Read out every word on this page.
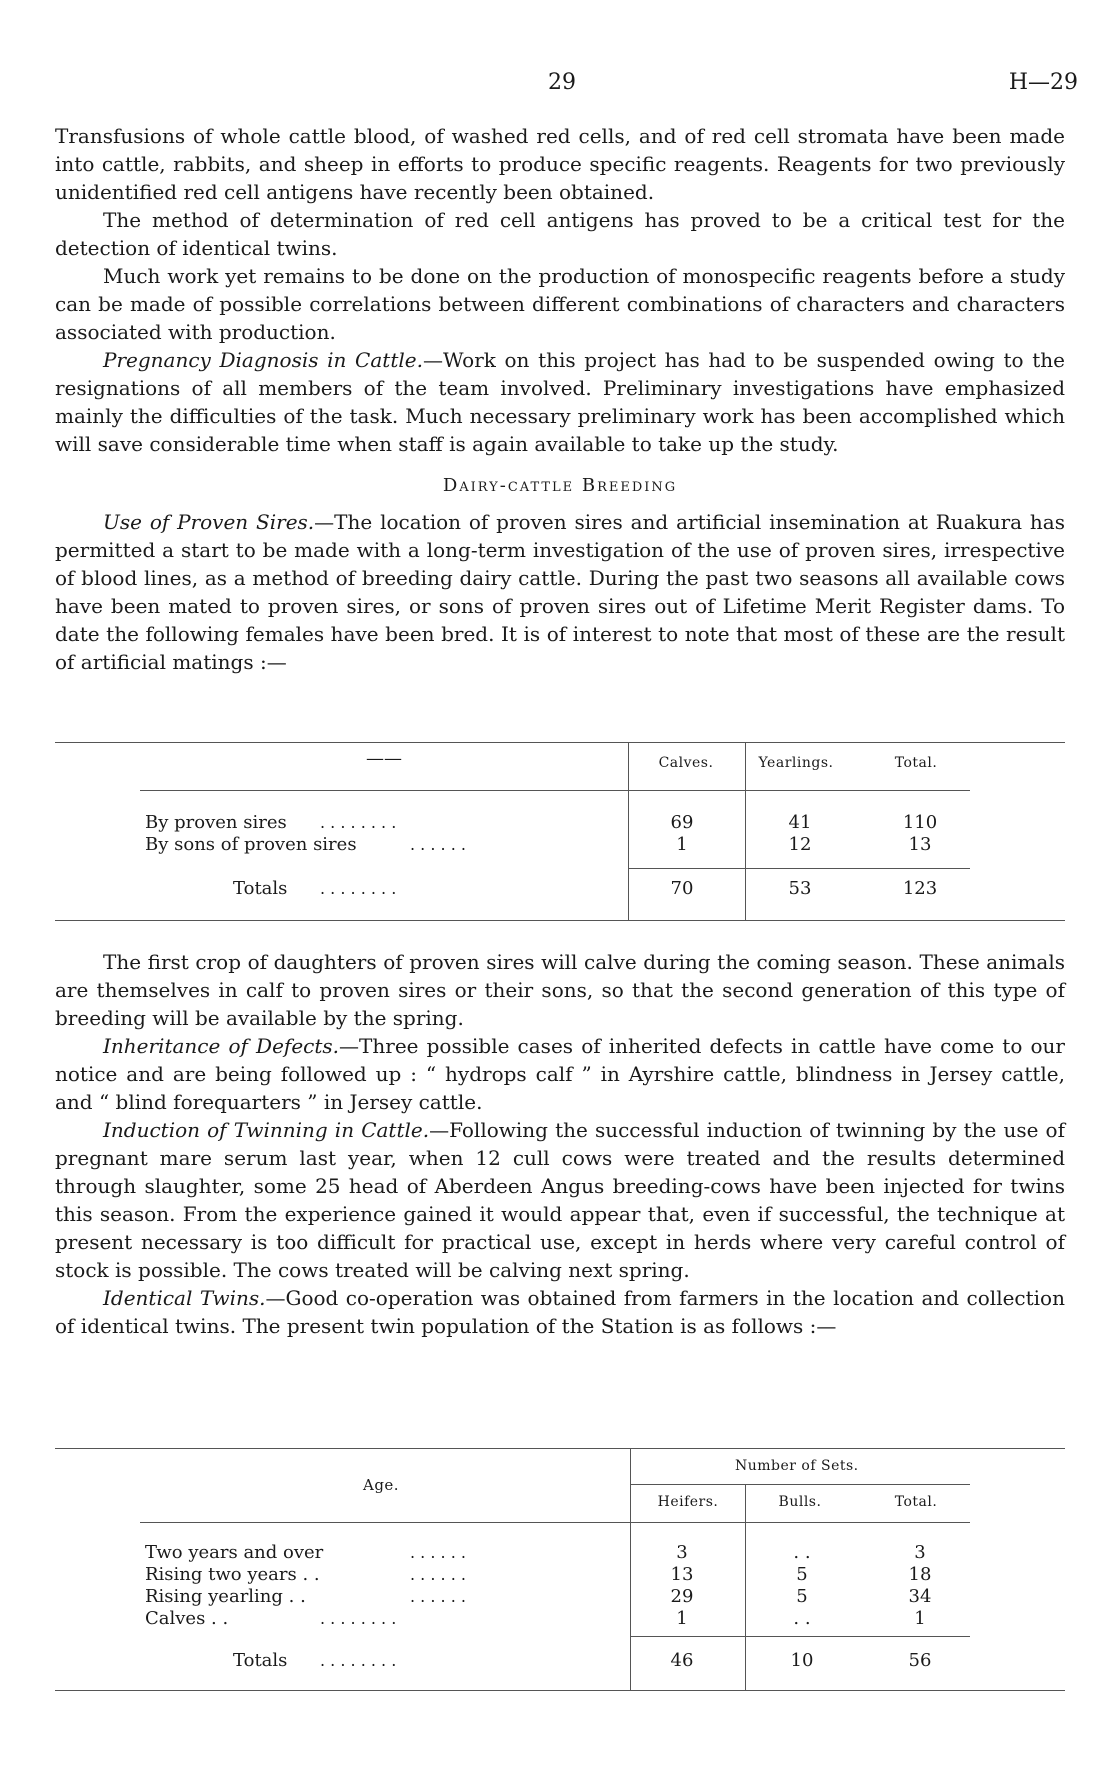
29	H—29

Transfusions of whole cattle blood, of washed red cells, and of red cell stromata have been made into cattle, rabbits, and sheep in efforts to produce specific reagents. Reagents for two previously unidentified red cell antigens have recently been obtained.

The method of determination of red cell antigens has proved to be a critical test for the detection of identical twins.

Much work yet remains to be done on the production of monospecific reagents before a study can be made of possible correlations between different combinations of characters and characters associated with production.

Pregnancy Diagnosis in Cattle.—Work on this project has had to be suspended owing to the resignations of all members of the team involved. Preliminary investigations have emphasized mainly the difficulties of the task. Much necessary preliminary work has been accomplished which will save considerable time when staff is again available to take up the study.

Dairy-cattle Breeding

Use of Proven Sires.—The location of proven sires and artificial insemination at Ruakura has permitted a start to be made with a long-term investigation of the use of proven sires, irrespective of blood lines, as a method of breeding dairy cattle. During the past two seasons all available cows have been mated to proven sires, or sons of proven sires out of Lifetime Merit Register dams. To date the following females have been bred. It is of interest to note that most of these are the result of artificial matings :—

——	Calves.	Yearlings.	Total.
By proven sires . . . . . . . .	69	41	110
By sons of proven sires	. . . . . .	1	12	13
Totals . . . . . . . .	70	53	123

The first crop of daughters of proven sires will calve during the coming season. These animals are themselves in calf to proven sires or their sons, so that the second generation of this type of breeding will be available by the spring.

Inheritance of Defects.—Three possible cases of inherited defects in cattle have come to our notice and are being followed up : “ hydrops calf ” in Ayrshire cattle, blindness in Jersey cattle, and “ blind forequarters ” in Jersey cattle.

Induction of Twinning in Cattle.—Following the successful induction of twinning by the use of pregnant mare serum last year, when 12 cull cows were treated and the results determined through slaughter, some 25 head of Aberdeen Angus breeding-cows have been injected for twins this season. From the experience gained it would appear that, even if successful, the technique at present necessary is too difficult for practical use, except in herds where very careful control of stock is possible. The cows treated will be calving next spring.

Identical Twins.—Good co-operation was obtained from farmers in the location and collection of identical twins. The present twin population of the Station is as follows :—

Age.
Number of Sets.
Heifers.	Bulls.	Total.
Two years and over	. . . . . .	3	. .	3
Rising two years . .	. . . . . .	13	5	18
Rising yearling . .	. . . . . .	29	5	34
Calves . .	. . . . . . . .	1	. .	1
Totals . . . . . . . .	46	10	56
